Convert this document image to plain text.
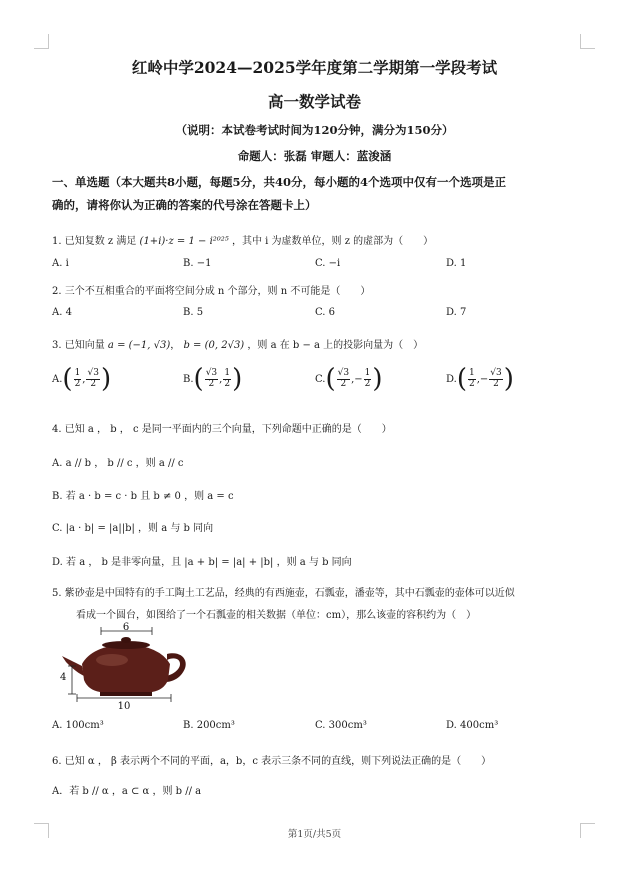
红岭中学2024—2025学年度第二学期第一学段考试
高一数学试卷
（说明：本试卷考试时间为120分钟，满分为150分）
命题人：张磊 审题人：蓝浚涵
一、单选题（本大题共8小题，每题5分，共40分，每小题的4个选项中仅有一个选项是正
确的，请将你认为正确的答案的代号涂在答题卡上）
1. 已知复数 z 满足 (1+i)·z = 1 − i²⁰²⁵ ，其中 i 为虚数单位，则 z 的虚部为（　　）
A. i	B. −1	C. −i	D. 1
2. 三个不互相重合的平面将空间分成 n 个部分，则 n 不可能是（　　）
A. 4	B. 5	C. 6	D. 7
3. 已知向量 a = (−1, √3)， b = (0, 2√3) ，则 a 在 b − a 上的投影向量为（　）
A. ( $\frac{1}{2}$ , $\frac{√3}{2}$ )	B. ( $\frac{√3}{2}$ , $\frac{1}{2}$ )	C. ( $\frac{√3}{2}$ ,− $\frac{1}{2}$ )	D. ( $\frac{1}{2}$ ,− $\frac{√3}{2}$ )
4. 已知 a ， b ， c 是同一平面内的三个向量，下列命题中正确的是（　　）
A. a // b ， b // c ，则 a // c
B. 若 a · b = c · b 且 b ≠ 0 ，则 a = c
C. |a · b| = |a||b| ，则 a 与 b 同向
D. 若 a ， b 是非零向量，且 |a + b| = |a| + |b| ，则 a 与 b 同向
5. 紫砂壶是中国特有的手工陶土工艺品，经典的有西施壶，石瓢壶，潘壶等，其中石瓢壶的壶体可以近似
看成一个圆台，如图给了一个石瓢壶的相关数据（单位：cm），那么该壶的容积约为（　）
6
4
10
A. 100cm³	B. 200cm³	C. 300cm³	D. 400cm³
6. 已知 α ， β 表示两个不同的平面，a，b，c 表示三条不同的直线，则下列说法正确的是（　　）
A．若 b // α ，a ⊂ α ，则 b // a
第1页/共5页
